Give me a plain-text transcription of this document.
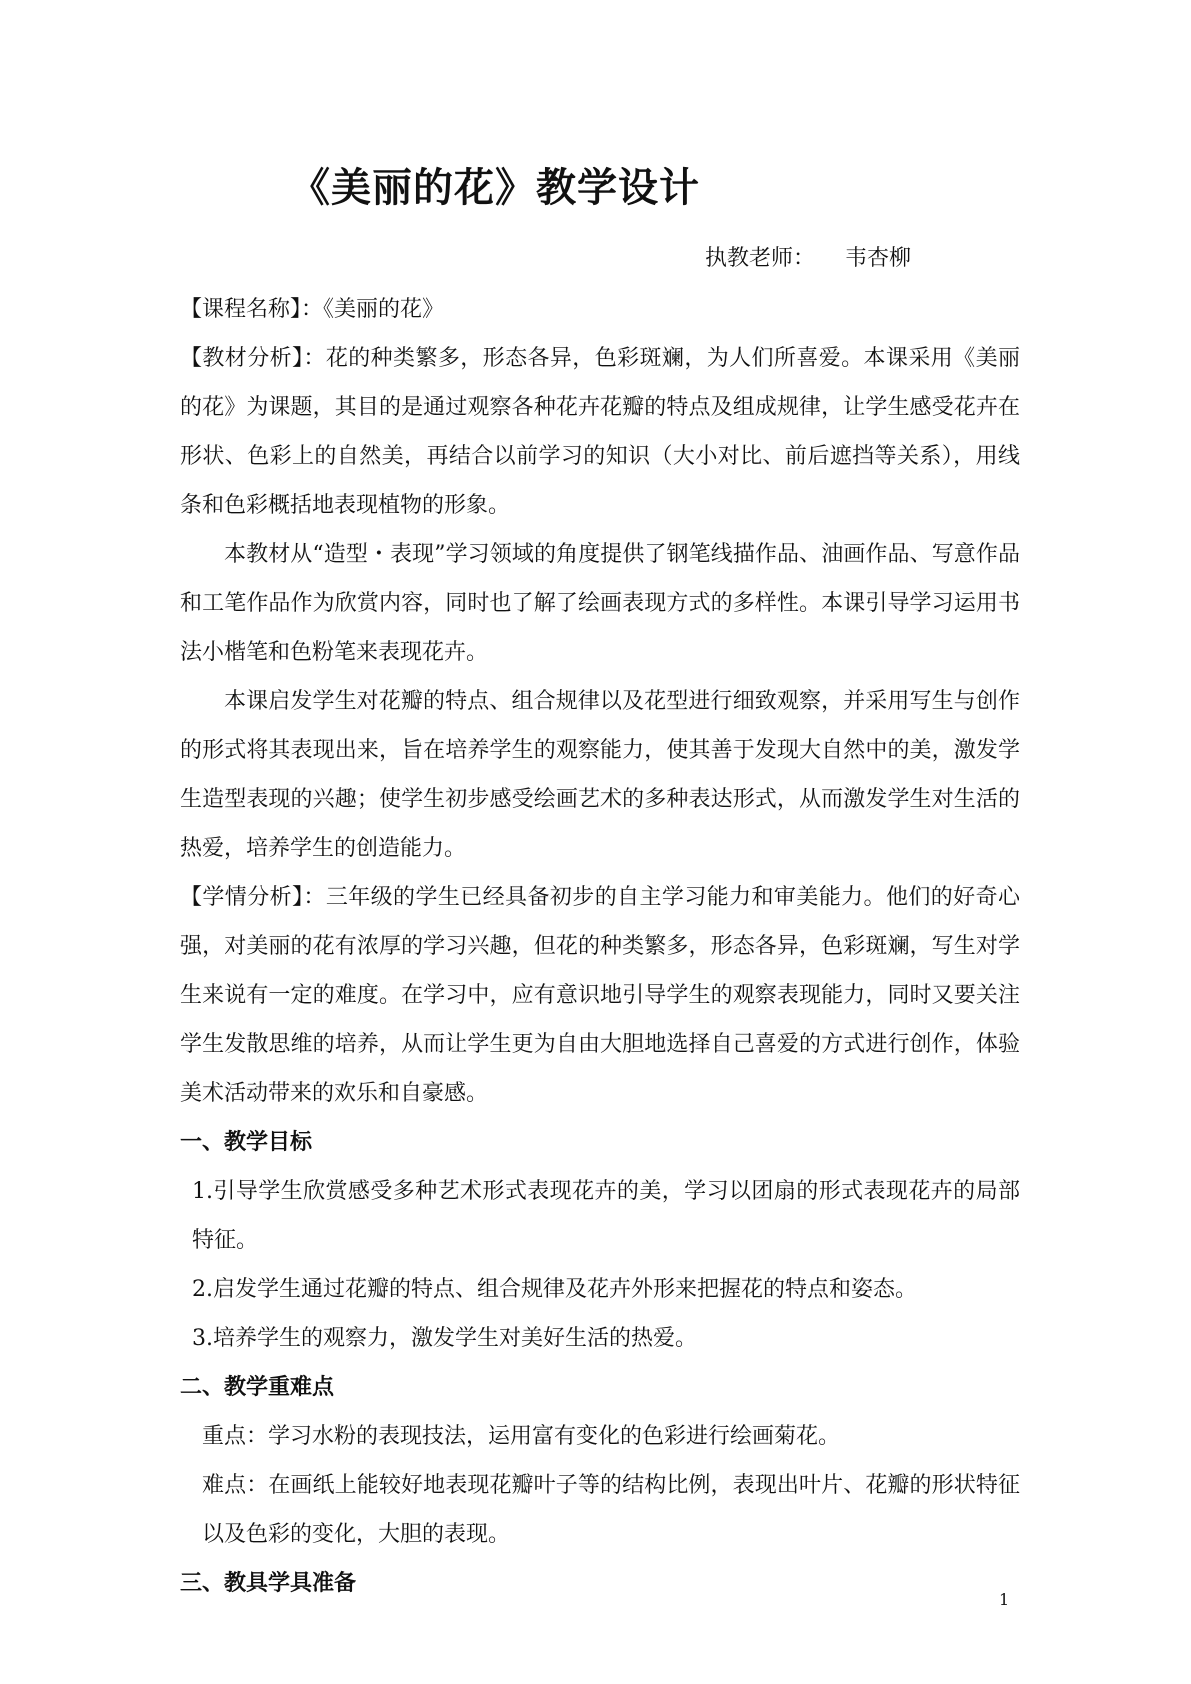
《美丽的花》教学设计
执教老师： 韦杏柳

【课程名称】：《美丽的花》

【教材分析】：花的种类繁多，形态各异，色彩斑斓，为人们所喜爱。本课采用《美丽的花》为课题，其目的是通过观察各种花卉花瓣的特点及组成规律，让学生感受花卉在形状、色彩上的自然美，再结合以前学习的知识（大小对比、前后遮挡等关系），用线条和色彩概括地表现植物的形象。

本教材从“造型・表现”学习领域的角度提供了钢笔线描作品、油画作品、写意作品和工笔作品作为欣赏内容，同时也了解了绘画表现方式的多样性。本课引导学习运用书法小楷笔和色粉笔来表现花卉。

本课启发学生对花瓣的特点、组合规律以及花型进行细致观察，并采用写生与创作的形式将其表现出来，旨在培养学生的观察能力，使其善于发现大自然中的美，激发学生造型表现的兴趣；使学生初步感受绘画艺术的多种表达形式，从而激发学生对生活的热爱，培养学生的创造能力。

【学情分析】：三年级的学生已经具备初步的自主学习能力和审美能力。他们的好奇心强，对美丽的花有浓厚的学习兴趣，但花的种类繁多，形态各异，色彩斑斓，写生对学生来说有一定的难度。在学习中，应有意识地引导学生的观察表现能力，同时又要关注学生发散思维的培养，从而让学生更为自由大胆地选择自己喜爱的方式进行创作，体验美术活动带来的欢乐和自豪感。

一、教学目标

1.引导学生欣赏感受多种艺术形式表现花卉的美，学习以团扇的形式表现花卉的局部特征。

2.启发学生通过花瓣的特点、组合规律及花卉外形来把握花的特点和姿态。

3.培养学生的观察力，激发学生对美好生活的热爱。

二、教学重难点

重点：学习水粉的表现技法，运用富有变化的色彩进行绘画菊花。

难点：在画纸上能较好地表现花瓣叶子等的结构比例，表现出叶片、花瓣的形状特征以及色彩的变化，大胆的表现。

三、教具学具准备

1
